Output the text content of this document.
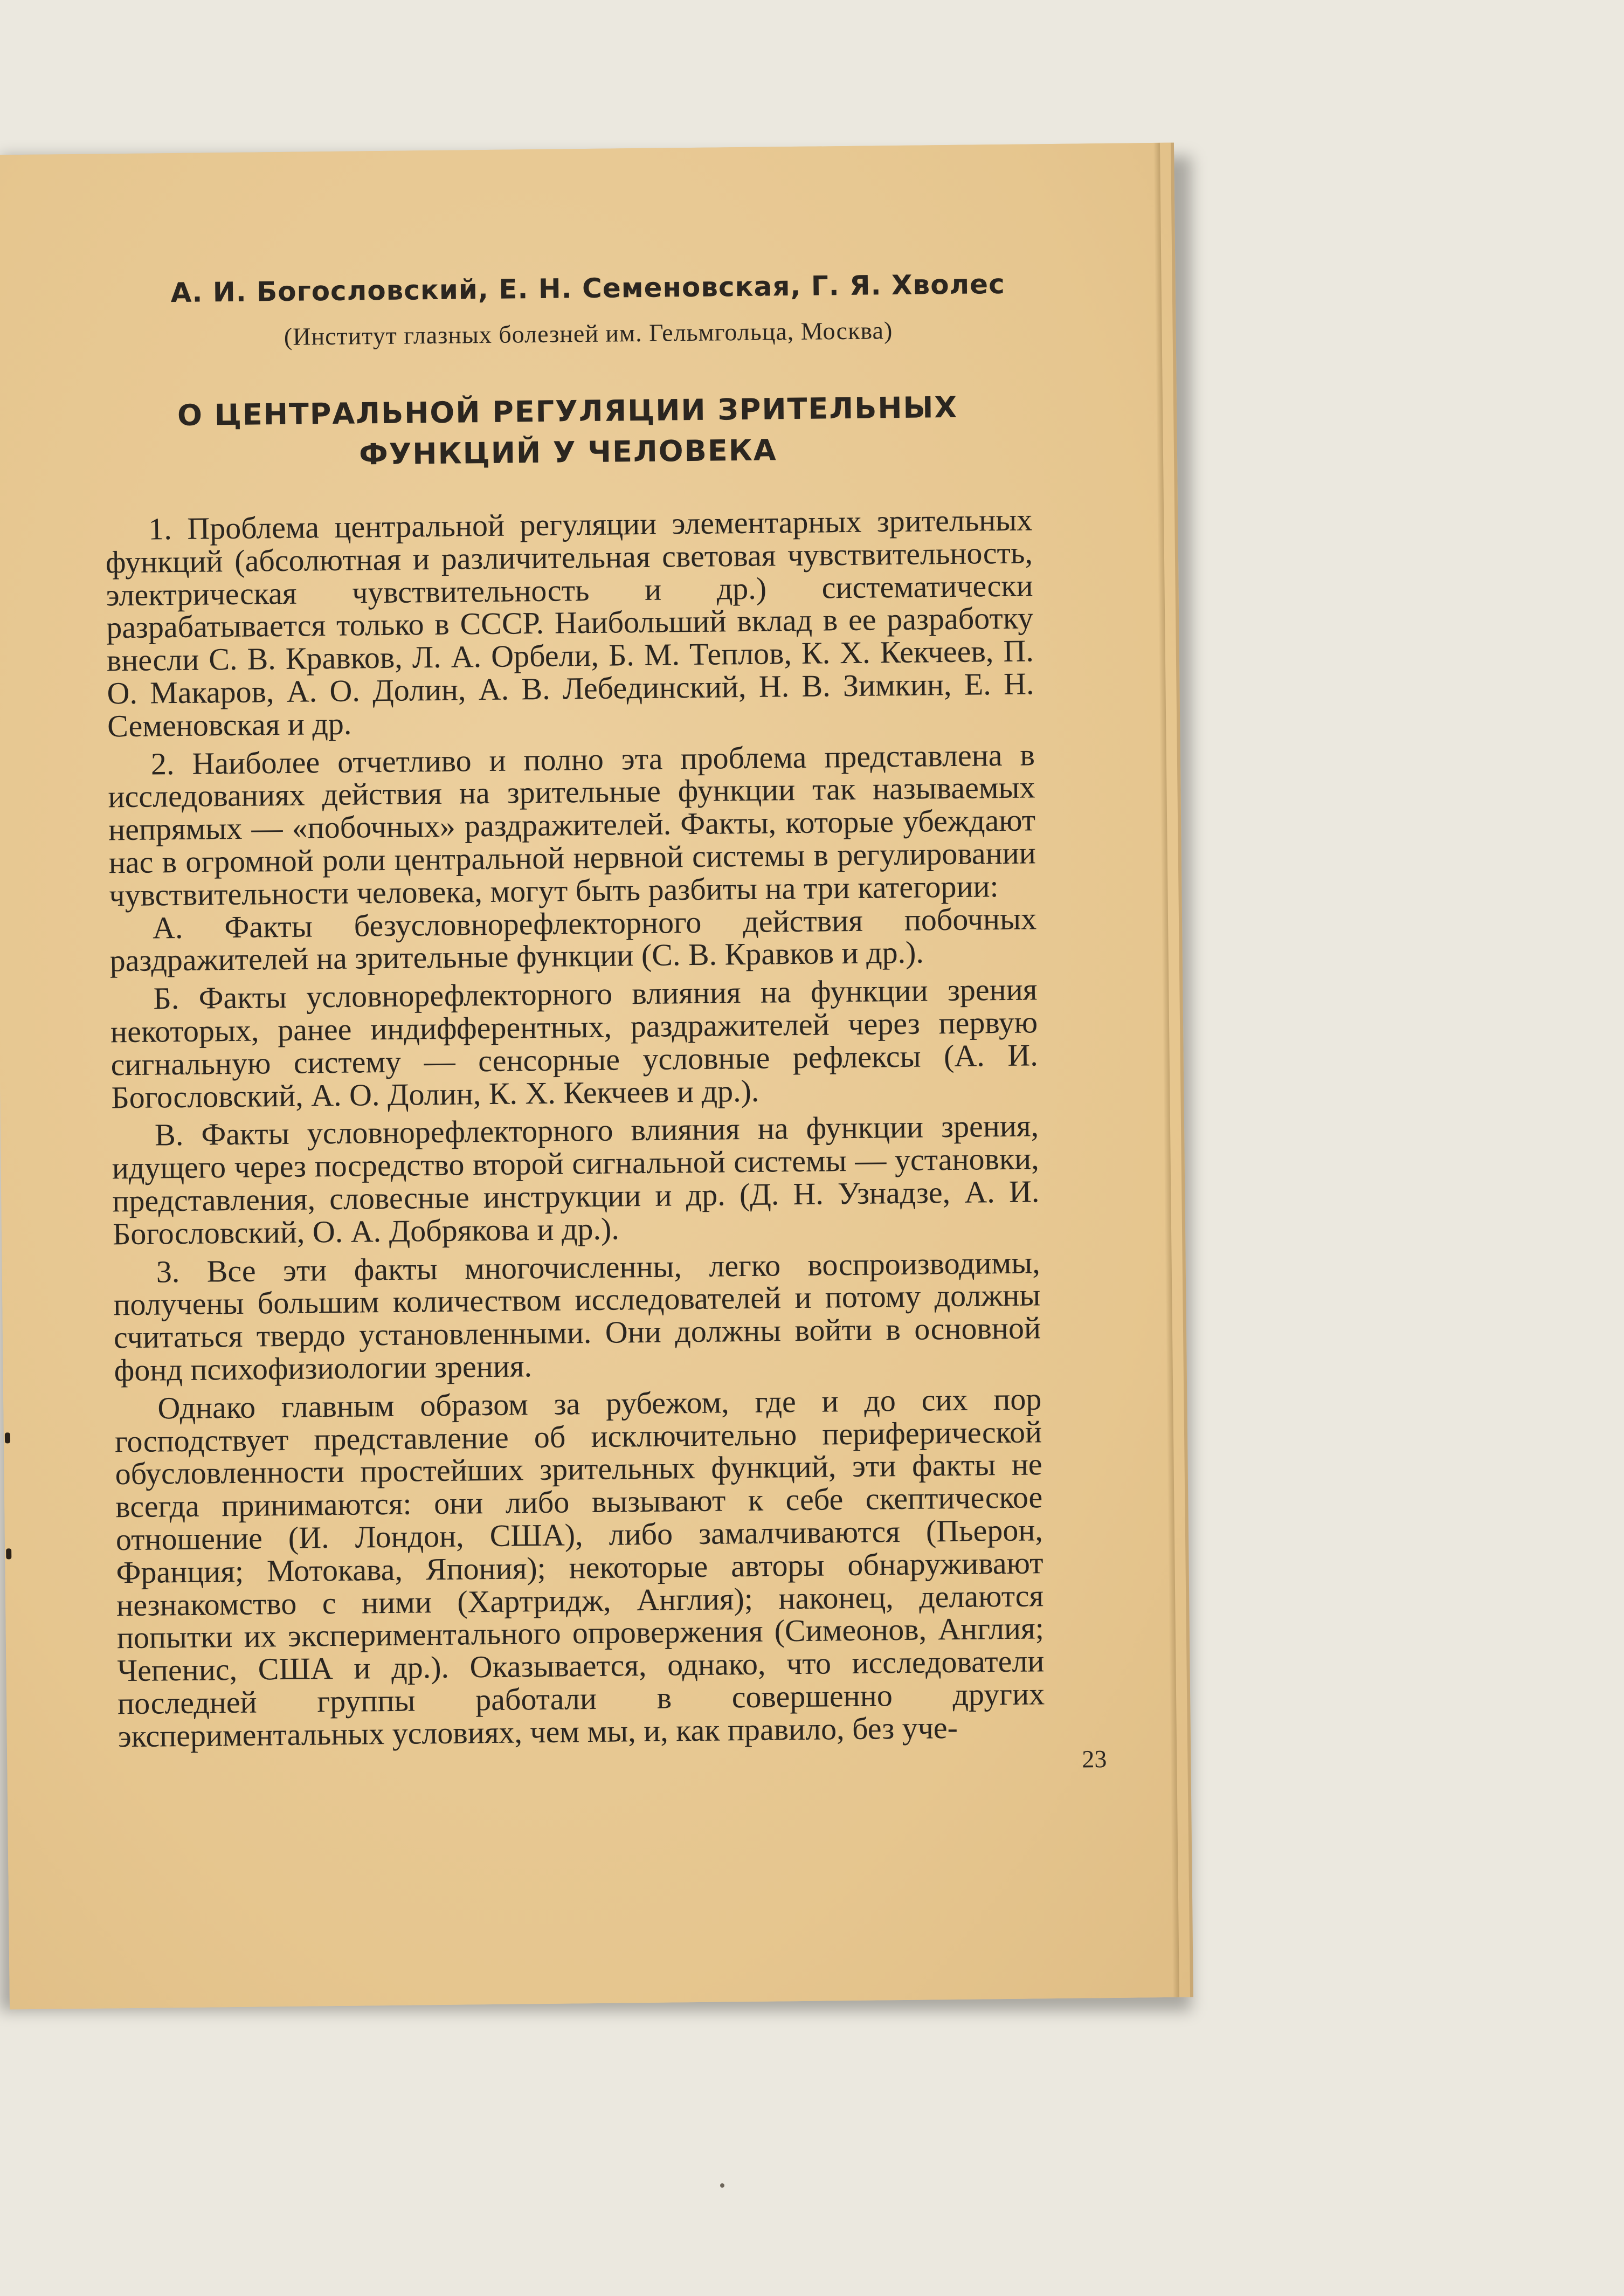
А. И. Богословский, Е. Н. Семеновская, Г. Я. Хволес
(Институт глазных болезней им. Гельмгольца, Москва)
О ЦЕНТРАЛЬНОЙ РЕГУЛЯЦИИ ЗРИТЕЛЬНЫХ
ФУНКЦИЙ У ЧЕЛОВЕКА

1. Проблема центральной регуляции элементарных зрительных функций (абсолютная и различительная световая чувствительность, электрическая чувствительность и др.) систематически разрабатывается только в СССР. Наибольший вклад в ее разработку внесли С. В. Кравков, Л. А. Орбели, Б. М. Теплов, К. Х. Кекчеев, П. О. Макаров, А. О. Долин, А. В. Лебединский, Н. В. Зимкин, Е. Н. Семеновская и др.

2. Наиболее отчетливо и полно эта проблема представлена в исследованиях действия на зрительные функции так называемых непрямых — «побочных» раздражителей. Факты, которые убеждают нас в огромной роли центральной нервной системы в регулировании чувствительности человека, могут быть разбиты на три категории:

А. Факты безусловнорефлекторного действия побочных раздражителей на зрительные функции (С. В. Кравков и др.).

Б. Факты условнорефлекторного влияния на функции зрения некоторых, ранее индифферентных, раздражителей через первую сигнальную систему — сенсорные условные рефлексы (А. И. Богословский, А. О. Долин, К. Х. Кекчеев и др.).

В. Факты условнорефлекторного влияния на функции зрения, идущего через посредство второй сигнальной системы — установки, представления, словесные инструкции и др. (Д. Н. Узнадзе, А. И. Богословский, О. А. Добрякова и др.).

3. Все эти факты многочисленны, легко воспроизводимы, получены большим количеством исследователей и потому должны считаться твердо установленными. Они должны войти в основной фонд психофизиологии зрения.

Однако главным образом за рубежом, где и до сих пор господствует представление об исключительно периферической обусловленности простейших зрительных функций, эти факты не всегда принимаются: они либо вызывают к себе скептическое отношение (И. Лондон, США), либо замалчиваются (Пьерон, Франция; Мотокава, Япония); некоторые авторы обнаруживают незнакомство с ними (Хартридж, Англия); наконец, делаются попытки их экспериментального опровержения (Симеонов, Англия; Чепенис, США и др.). Оказывается, однако, что исследователи последней группы работали в совершенно других экспериментальных условиях, чем мы, и, как правило, без уче-

23
